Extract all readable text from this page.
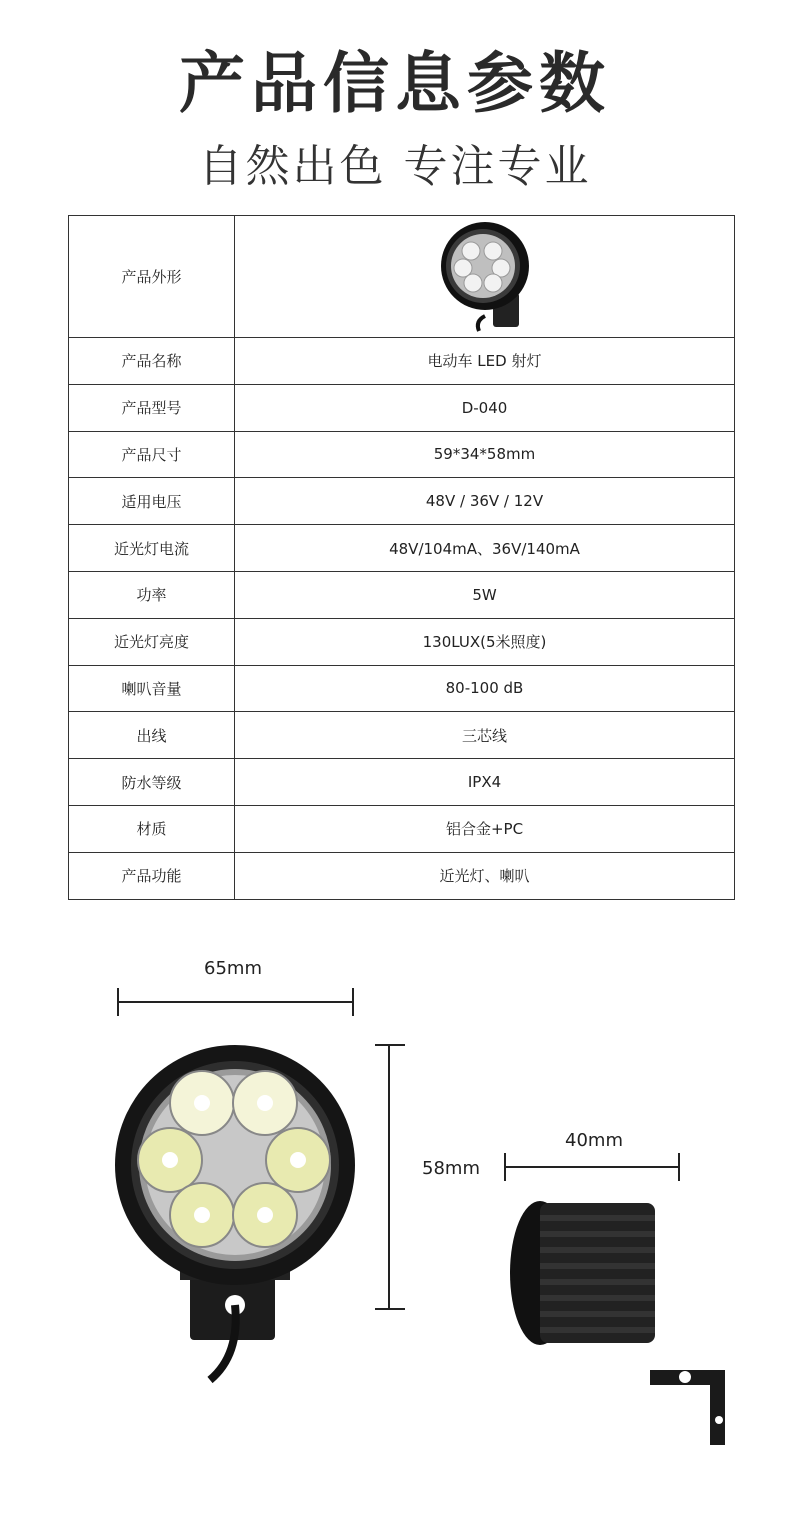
产品信息参数
自然出色 专注专业
产品外形	
产品名称	电动车 LED 射灯
产品型号	D-040
产品尺寸	59*34*58mm
适用电压	48V / 36V / 12V
近光灯电流	48V/104mA、36V/140mA
功率	5W
近光灯亮度	130LUX(5米照度)
喇叭音量	80-100 dB
出线	三芯线
防水等级	IPX4
材质	铝合金+PC
产品功能	近光灯、喇叭
65mm
58mm
40mm
